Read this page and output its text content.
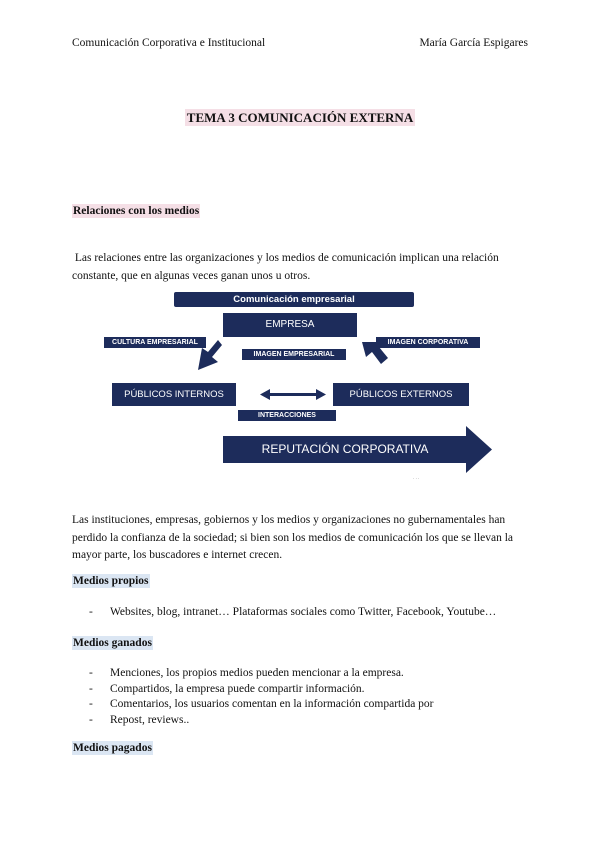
Comunicación Corporativa e Institucional	María García Espigares
TEMA 3 COMUNICACIÓN EXTERNA
Relaciones con los medios
Las relaciones entre las organizaciones y los medios de comunicación implican una relación
constante, que en algunas veces ganan unos u otros.
Comunicación empresarial
EMPRESA
CULTURA EMPRESARIAL	IMAGEN CORPORATIVA
IMAGEN EMPRESARIAL
· · ·
PÚBLICOS INTERNOS	PÚBLICOS EXTERNOS
INTERACCIONES
REPUTACIÓN CORPORATIVA
Las instituciones, empresas, gobiernos y los medios y organizaciones no gubernamentales han
perdido la confianza de la sociedad; si bien son los medios de comunicación los que se llevan la
mayor parte, los buscadores e internet crecen.
Medios propios
- Websites, blog, intranet… Plataformas sociales como Twitter, Facebook, Youtube…
Medios ganados
- Menciones, los propios medios pueden mencionar a la empresa.
- Compartidos, la empresa puede compartir información.
- Comentarios, los usuarios comentan en la información compartida por
- Repost, reviews..
Medios pagados
